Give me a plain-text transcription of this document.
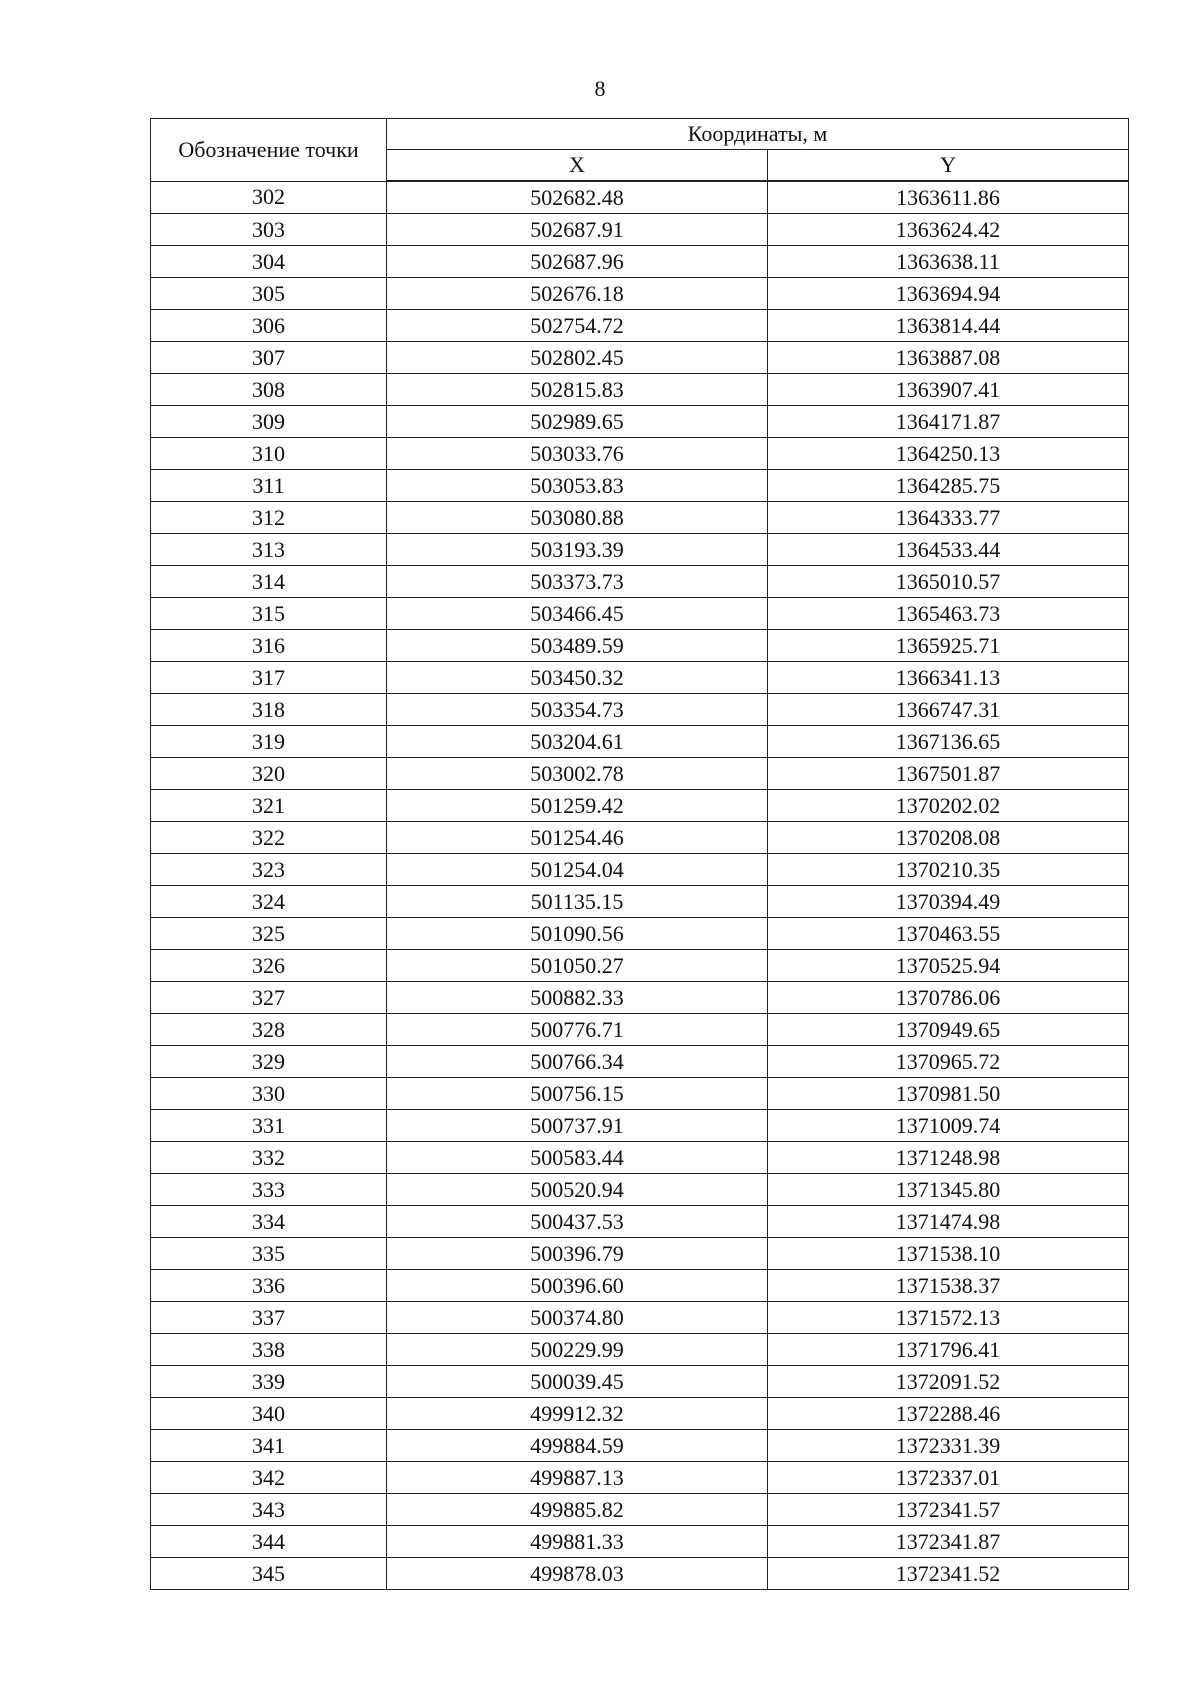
8
Обозначение точки	Координаты, м	
	X	Y
302	502682.48	1363611.86
303	502687.91	1363624.42
304	502687.96	1363638.11
305	502676.18	1363694.94
306	502754.72	1363814.44
307	502802.45	1363887.08
308	502815.83	1363907.41
309	502989.65	1364171.87
310	503033.76	1364250.13
311	503053.83	1364285.75
312	503080.88	1364333.77
313	503193.39	1364533.44
314	503373.73	1365010.57
315	503466.45	1365463.73
316	503489.59	1365925.71
317	503450.32	1366341.13
318	503354.73	1366747.31
319	503204.61	1367136.65
320	503002.78	1367501.87
321	501259.42	1370202.02
322	501254.46	1370208.08
323	501254.04	1370210.35
324	501135.15	1370394.49
325	501090.56	1370463.55
326	501050.27	1370525.94
327	500882.33	1370786.06
328	500776.71	1370949.65
329	500766.34	1370965.72
330	500756.15	1370981.50
331	500737.91	1371009.74
332	500583.44	1371248.98
333	500520.94	1371345.80
334	500437.53	1371474.98
335	500396.79	1371538.10
336	500396.60	1371538.37
337	500374.80	1371572.13
338	500229.99	1371796.41
339	500039.45	1372091.52
340	499912.32	1372288.46
341	499884.59	1372331.39
342	499887.13	1372337.01
343	499885.82	1372341.57
344	499881.33	1372341.87
345	499878.03	1372341.52
